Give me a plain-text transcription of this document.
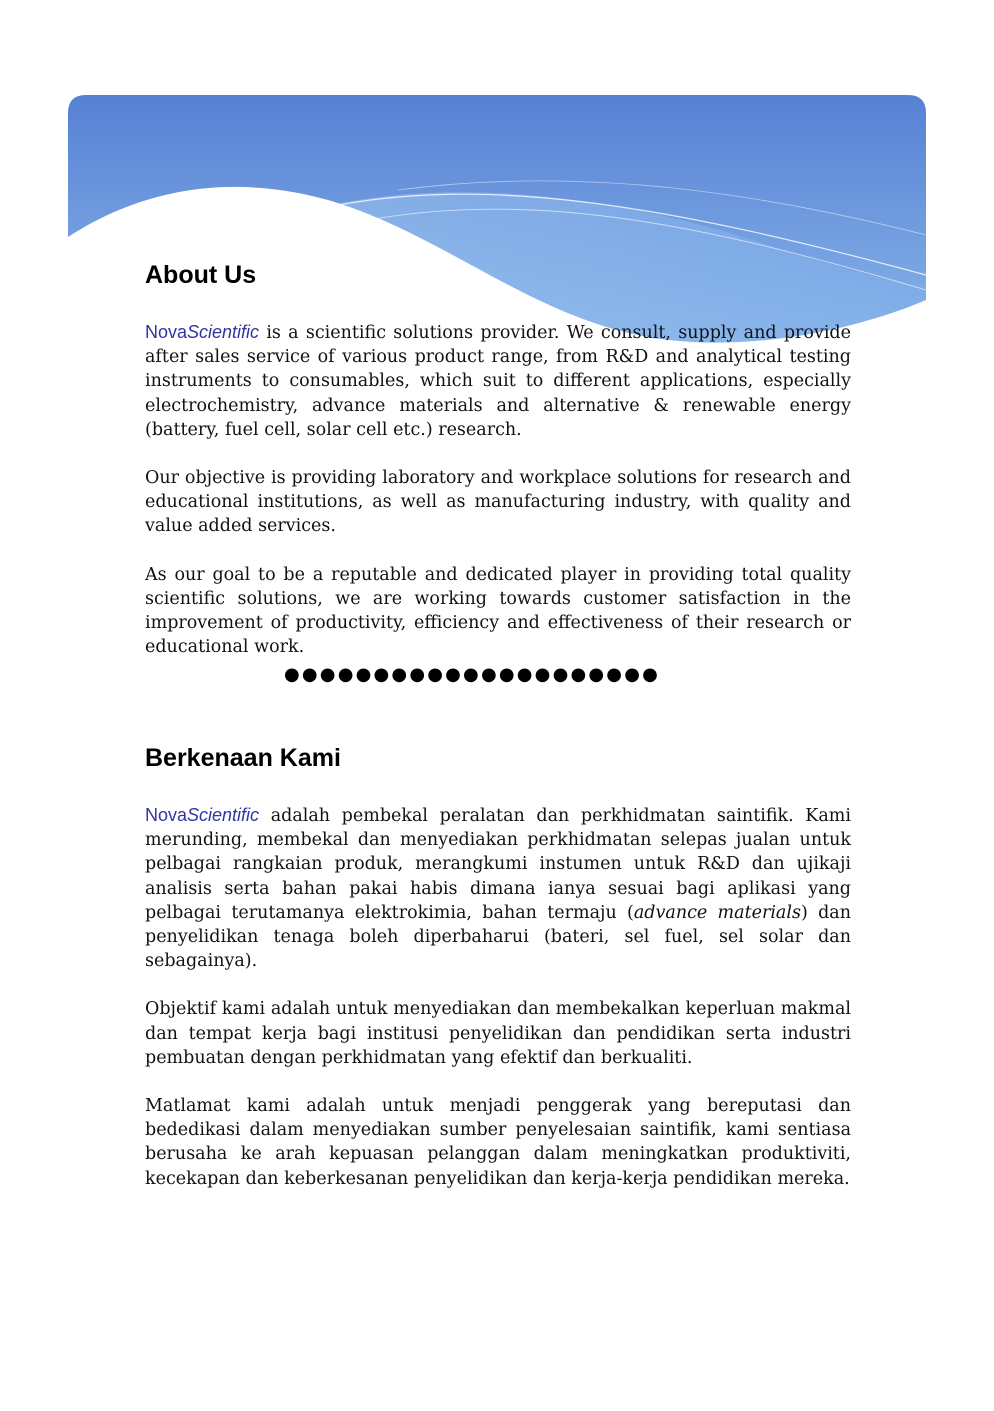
About Us

NovaScientific is a scientific solutions provider. We consult, supply and provide after sales service of various product range, from R&D and analytical testing instruments to consumables, which suit to different applications, especially electrochemistry, advance materials and alternative & renewable energy (battery, fuel cell, solar cell etc.) research.

Our objective is providing laboratory and workplace solutions for research and educational institutions, as well as manufacturing industry, with quality and value added services.

As our goal to be a reputable and dedicated player in providing total quality scientific solutions, we are working towards customer satisfaction in the improvement of productivity, efficiency and effectiveness of their research or educational work.

●●●●●●●●●●●●●●●●●●●●●
Berkenaan Kami

NovaScientific adalah pembekal peralatan dan perkhidmatan saintifik. Kami merunding, membekal dan menyediakan perkhidmatan selepas jualan untuk pelbagai rangkaian produk, merangkumi instumen untuk R&D dan ujikaji analisis serta bahan pakai habis dimana ianya sesuai bagi aplikasi yang pelbagai terutamanya elektrokimia, bahan termaju (advance materials) dan penyelidikan tenaga boleh diperbaharui (bateri, sel fuel, sel solar dan sebagainya).

Objektif kami adalah untuk menyediakan dan membekalkan keperluan makmal dan tempat kerja bagi institusi penyelidikan dan pendidikan serta industri pembuatan dengan perkhidmatan yang efektif dan berkualiti.

Matlamat kami adalah untuk menjadi penggerak yang bereputasi dan bededikasi dalam menyediakan sumber penyelesaian saintifik, kami sentiasa berusaha ke arah kepuasan pelanggan dalam meningkatkan produktiviti, kecekapan dan keberkesanan penyelidikan dan kerja-kerja pendidikan mereka.
